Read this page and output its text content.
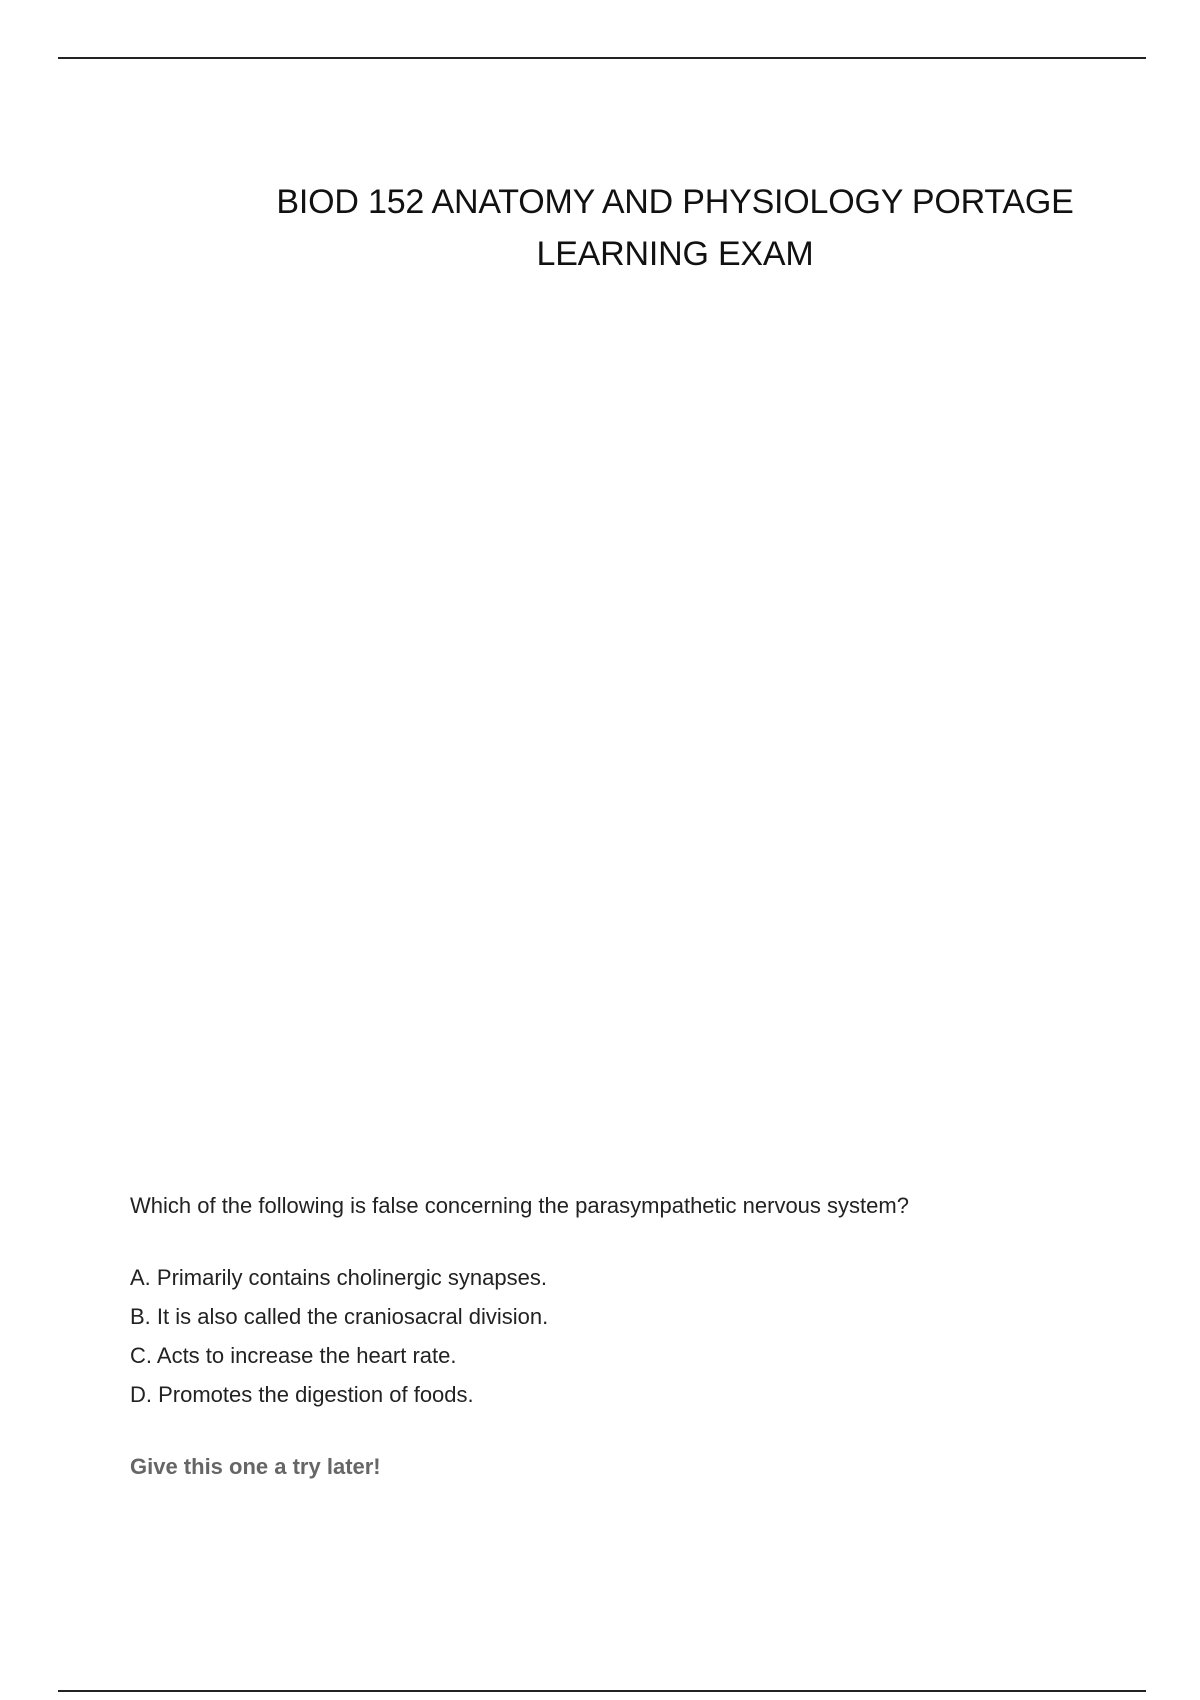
BIOD 152 ANATOMY AND PHYSIOLOGY PORTAGE
LEARNING EXAM

Which of the following is false concerning the parasympathetic nervous system?

A. Primarily contains cholinergic synapses.
B. It is also called the craniosacral division.
C. Acts to increase the heart rate.
D. Promotes the digestion of foods.
Give this one a try later!
